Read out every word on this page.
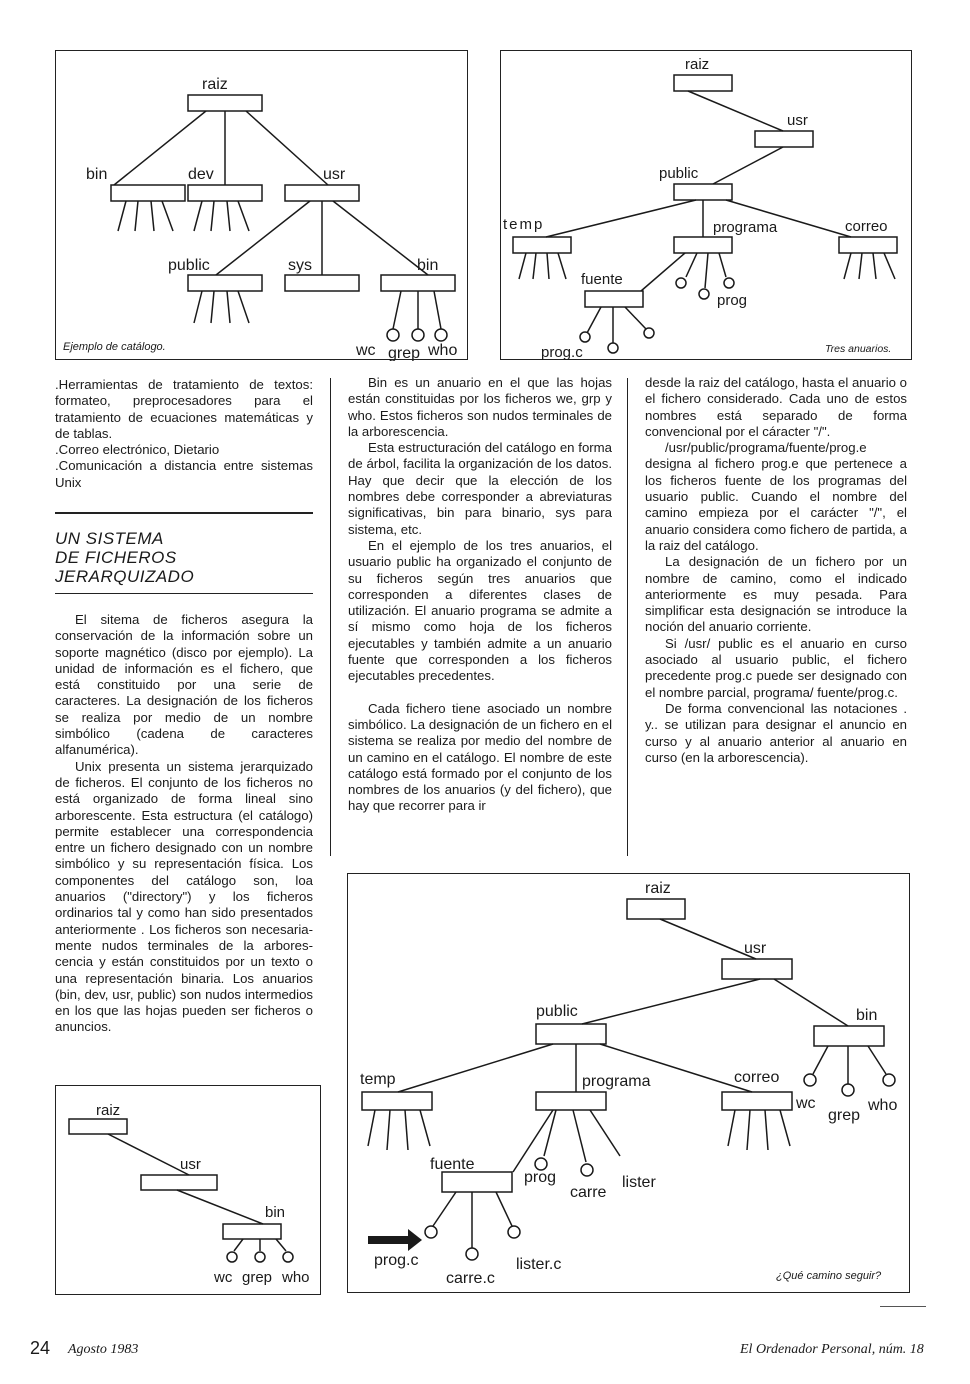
raiz
bin	dev	usr
public	sys	bin
wc grep who
Ejemplo de catálogo.
raiz
usr
public
temp	programa	correo
fuente
prog
prog.c	Tres anuarios.
.Herramientas de tratamiento de textos: formateo, preprocesadores para el tratamiento de ecuaciones matemáticas y de tablas.
.Correo electrónico, Dietario
.Comunicación a distancia entre sistemas Unix
UN SISTEMA
DE FICHEROS
JERARQUIZADO

El sitema de ficheros asegura la conservación de la información sobre un soporte magnético (disco por ejemplo). La unidad de información es el fichero, que está constituido por una serie de caracteres. La designación de los ficheros se realiza por medio de un nombre simbólico (cadena de caracteres alfanumérica).

Unix presenta un sistema jerarquizado de ficheros. El conjunto de los ficheros no está organizado de forma lineal sino arborescente. Esta estructura (el catálogo) permite establecer una correspondencia entre un fichero designado con un nombre simbólico y su representación física. Los componentes del catálogo son, loa anuarios ("directory") y los ficheros ordinarios tal y como han sido presentados anteriormente . Los ficheros son necesariamente nudos terminales de la arborescencia y están constituidos por un texto o una representación binaria. Los anuarios (bin, dev, usr, public) son nudos intermedios en los que las hojas pueden ser ficheros o anuncios.

Bin es un anuario en el que las hojas están constituidas por los ficheros we, grp y who. Estos ficheros son nudos terminales de la arborescencia.

Esta estructuración del catálogo en forma de árbol, facilita la organización de los datos. Hay que decir que la elección de los nombres debe corresponder a abreviaturas significativas, bin para binario, sys para sistema, etc.

En el ejemplo de los tres anuarios, el usuario public ha organizado el conjunto de su ficheros según tres anuarios que corresponden a diferentes clases de utilización. El anuario programa se admite a sí mismo como hoja de los ficheros ejecutables y también admite a un anuario fuente que corresponden a los ficheros ejecutables precedentes.

Cada fichero tiene asociado un nombre simbólico. La designación de un fichero en el sistema se realiza por medio del nombre de un camino en el catálogo. El nombre de este catálogo está formado por el conjunto de los nombres de los anuarios (y del fichero), que hay que recorrer para ir

desde la raiz del catálogo, hasta el anuario o el fichero considerado. Cada uno de estos nombres está separado de forma convencional por el cáracter "/".

/usr/public/programa/fuente/prog.e designa al fichero prog.e que pertenece a los ficheros fuente de los programas del usuario public. Cuando el nombre del camino empieza por el carácter "/", el anuario considera como fichero de partida, a la raiz del catálogo.

La designación de un fichero por un nombre de camino, como el indicado anteriormente es muy pesada. Para simplificar esta designación se introduce la noción del anuario corriente.

Si /usr/ public es el anuario en curso asociado al usuario public, el fichero precedente prog.c puede ser designado con el nombre parcial, programa/ fuente/prog.c.

De forma convencional las notaciones . y.. se utilizan para designar el anuncio en curso y al anuario anterior al anuario en curso (en la arborescencia).

raiz
usr
bin
wc grep who
raiz
usr
public	bin
temp	programa	correo
wc
grep
who
fuente
prog
carre
lister
prog.c
carre.c
lister.c
¿Qué camino seguir?
24 Agosto 1983	El Ordenador Personal, núm. 18
